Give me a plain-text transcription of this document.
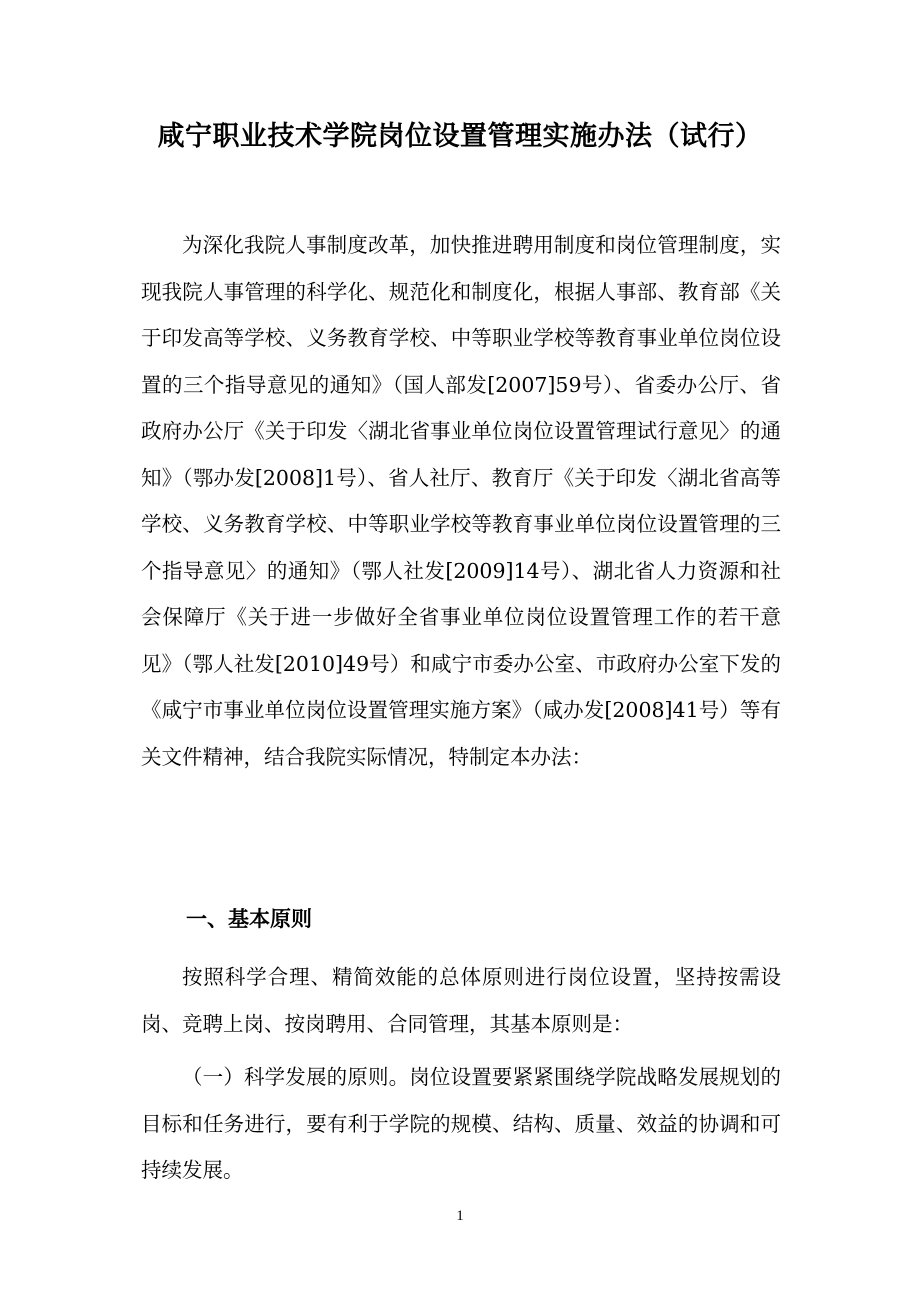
咸宁职业技术学院岗位设置管理实施办法（试行）

为深化我院人事制度改革，加快推进聘用制度和岗位管理制度，实现我院人事管理的科学化、规范化和制度化，根据人事部、教育部《关于印发高等学校、义务教育学校、中等职业学校等教育事业单位岗位设置的三个指导意见的通知》（国人部发[2007]59号）、省委办公厅、省政府办公厅《关于印发〈湖北省事业单位岗位设置管理试行意见〉的通知》（鄂办发[2008]1号）、省人社厅、教育厅《关于印发〈湖北省高等学校、义务教育学校、中等职业学校等教育事业单位岗位设置管理的三个指导意见〉的通知》（鄂人社发[2009]14号）、湖北省人力资源和社会保障厅《关于进一步做好全省事业单位岗位设置管理工作的若干意见》（鄂人社发[2010]49号）和咸宁市委办公室、市政府办公室下发的《咸宁市事业单位岗位设置管理实施方案》（咸办发[2008]41号）等有关文件精神，结合我院实际情况，特制定本办法：

一、基本原则

按照科学合理、精简效能的总体原则进行岗位设置，坚持按需设岗、竞聘上岗、按岗聘用、合同管理，其基本原则是：

（一）科学发展的原则。岗位设置要紧紧围绕学院战略发展规划的目标和任务进行，要有利于学院的规模、结构、质量、效益的协调和可持续发展。

1
